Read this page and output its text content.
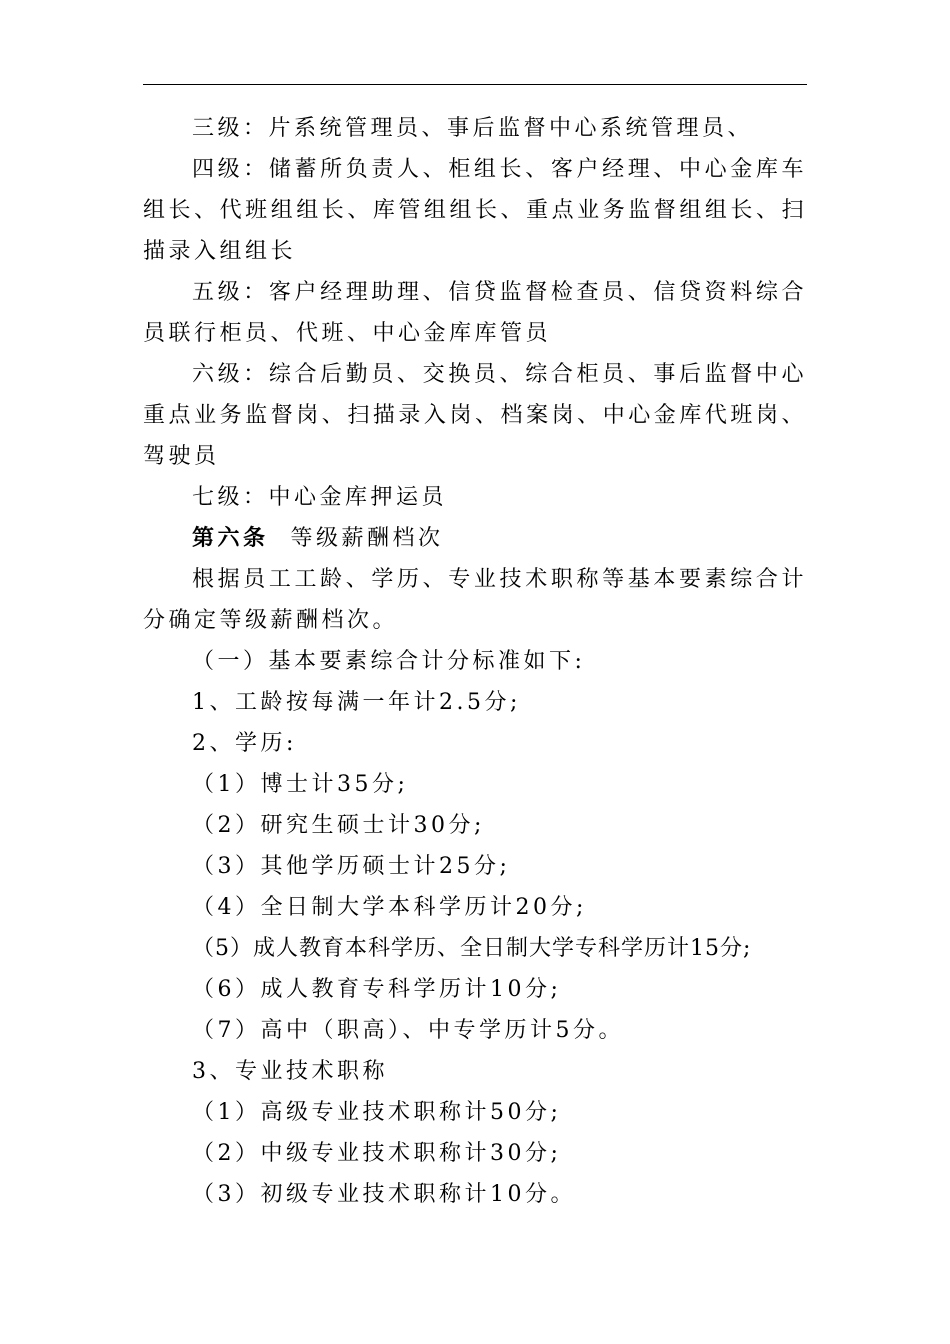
三级：片系统管理员、事后监督中心系统管理员、

四级：储蓄所负责人、柜组长、客户经理、中心金库车组长、代班组组长、库管组组长、重点业务监督组组长、扫描录入组组长

五级：客户经理助理、信贷监督检查员、信贷资料综合员联行柜员、代班、中心金库库管员

六级：综合后勤员、交换员、综合柜员、事后监督中心重点业务监督岗、扫描录入岗、档案岗、中心金库代班岗、驾驶员

七级：中心金库押运员

第六条 等级薪酬档次

根据员工工龄、学历、专业技术职称等基本要素综合计分确定等级薪酬档次。

（一）基本要素综合计分标准如下:

1、工龄按每满一年计2.5分;

2、学历:

（1）博士计35分;

（2）研究生硕士计30分;

（3）其他学历硕士计25分;

（4）全日制大学本科学历计20分;

（5）成人教育本科学历、全日制大学专科学历计15分;

（6）成人教育专科学历计10分;

（7）高中（职高）、中专学历计5分。

3、专业技术职称

（1）高级专业技术职称计50分;

（2）中级专业技术职称计30分;

（3）初级专业技术职称计10分。
